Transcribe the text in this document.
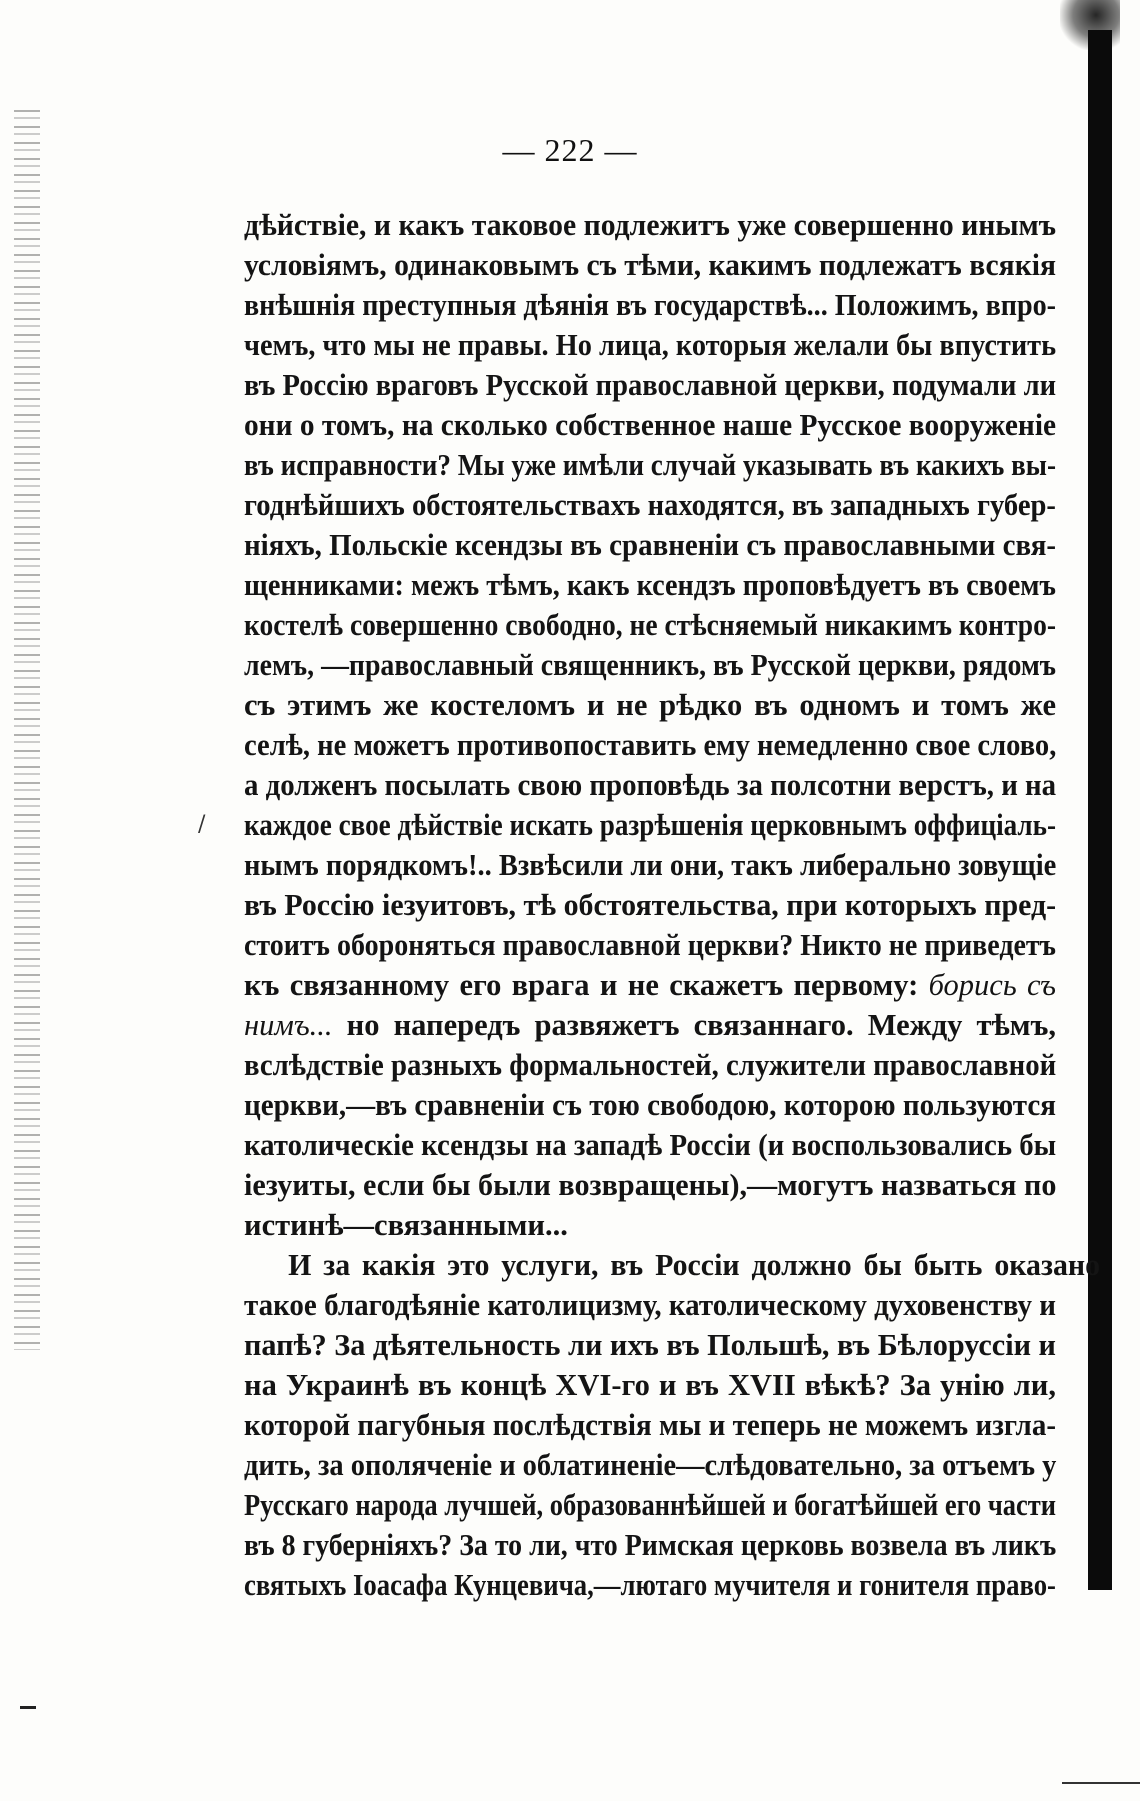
/
— 222 —
дѣйствіе, и какъ таковое подлежитъ уже совершенно инымъ
условіямъ, одинаковымъ съ тѣми, какимъ подлежатъ всякія
внѣшнія преступныя дѣянія въ государствѣ... Положимъ, впро-
чемъ, что мы не правы. Но лица, которыя желали бы впустить
въ Россію враговъ Русской православной церкви, подумали ли
они о томъ, на сколько собственное наше Русское вооруженіе
въ исправности? Мы уже имѣли случай указывать въ какихъ вы-
годнѣйшихъ обстоятельствахъ находятся, въ западныхъ губер-
ніяхъ, Польскіе ксендзы въ сравненіи съ православными свя-
щенниками: межъ тѣмъ, какъ ксендзъ проповѣдуетъ въ своемъ
костелѣ совершенно свободно, не стѣсняемый никакимъ контро-
лемъ, —православный священникъ, въ Русской церкви, рядомъ
съ этимъ же костеломъ и не рѣдко въ одномъ и томъ же
селѣ, не можетъ противопоставить ему немедленно свое слово,
а долженъ посылать свою проповѣдь за полсотни верстъ, и на
каждое свое дѣйствіе искать разрѣшенія церковнымъ оффиціаль-
нымъ порядкомъ!.. Взвѣсили ли они, такъ либерально зовущіе
въ Россію іезуитовъ, тѣ обстоятельства, при которыхъ пред-
стоитъ обороняться православной церкви? Никто не приведетъ
къ связанному его врага и не скажетъ первому: борись съ
нимъ... но напередъ развяжетъ связаннаго. Между тѣмъ,
вслѣдствіе разныхъ формальностей, служители православной
церкви,—въ сравненіи съ тою свободою, которою пользуются
католическіе ксендзы на западѣ Россіи (и воспользовались бы
іезуиты, если бы были возвращены),—могутъ назваться по
истинѣ—связанными...
И за какія это услуги, въ Россіи должно бы быть оказано
такое благодѣяніе католицизму, католическому духовенству и
папѣ? За дѣятельность ли ихъ въ Польшѣ, въ Бѣлоруссіи и
на Украинѣ въ концѣ XVI-го и въ XVII вѣкѣ? За унію ли,
которой пагубныя послѣдствія мы и теперь не можемъ изгла-
дить, за ополяченіе и облатиненіе—слѣдовательно, за отъемъ у
Русскаго народа лучшей, образованнѣйшей и богатѣйшей его части
въ 8 губерніяхъ? За то ли, что Римская церковь возвела въ ликъ
святыхъ Іоасафа Кунцевича,—лютаго мучителя и гонителя право-
